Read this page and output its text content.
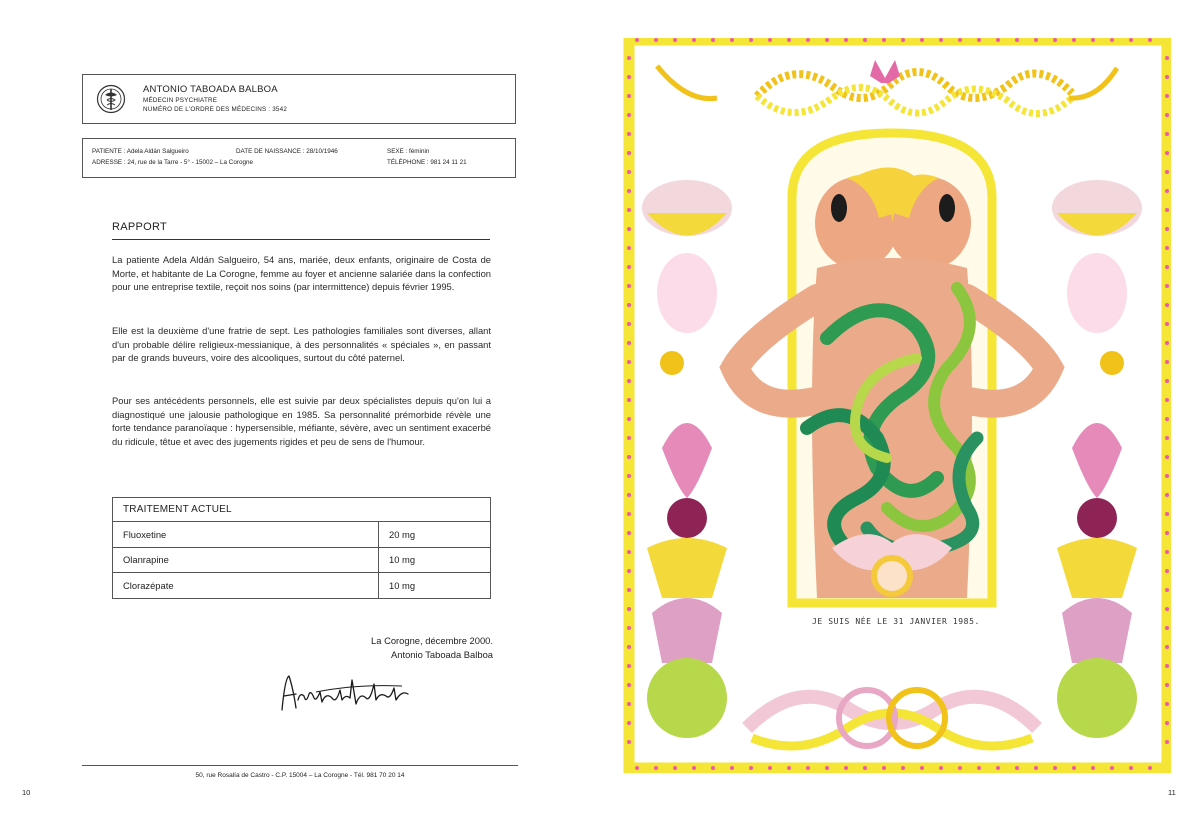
ANTONIO TABOADA BALBOA
MÉDECIN PSYCHIATRE
NUMÉRO DE L'ORDRE DES MÉDECINS : 3542
PATIENTE : Adela Aldán Salgueiro	DATE DE NAISSANCE : 28/10/1946	SEXE : féminin
ADRESSE : 24, rue de la Tarre - 5° - 15002 – La Corogne	TÉLÉPHONE : 981 24 11 21
RAPPORT
La patiente Adela Aldán Salgueiro, 54 ans, mariée, deux enfants, originaire de Costa de Morte, et habitante de La Corogne, femme au foyer et ancienne salariée dans la confection pour une entreprise textile, reçoit nos soins (par intermittence) depuis février 1995.
Elle est la deuxième d'une fratrie de sept. Les pathologies familiales sont diverses, allant d'un probable délire religieux-messianique, à des personnalités « spéciales », en passant par de grands buveurs, voire des alcooliques, surtout du côté paternel.
Pour ses antécédents personnels, elle est suivie par deux spécialistes depuis qu'on lui a diagnostiqué une jalousie pathologique en 1985. Sa personnalité prémorbide révèle une forte tendance paranoïaque : hypersensible, méfiante, sévère, avec un sentiment exacerbé du ridicule, têtue et avec des jugements rigides et peu de sens de l'humour.
TRAITEMENT ACTUEL	
Fluoxetine	20 mg
Olanrapine	10 mg
Clorazépate	10 mg
La Corogne, décembre 2000.
Antonio Taboada Balboa
50, rue Rosalía de Castro - C.P. 15004 – La Corogne - Tél. 981 70 20 14
10	11
JE SUIS NÉE LE 31 JANVIER 1985.
